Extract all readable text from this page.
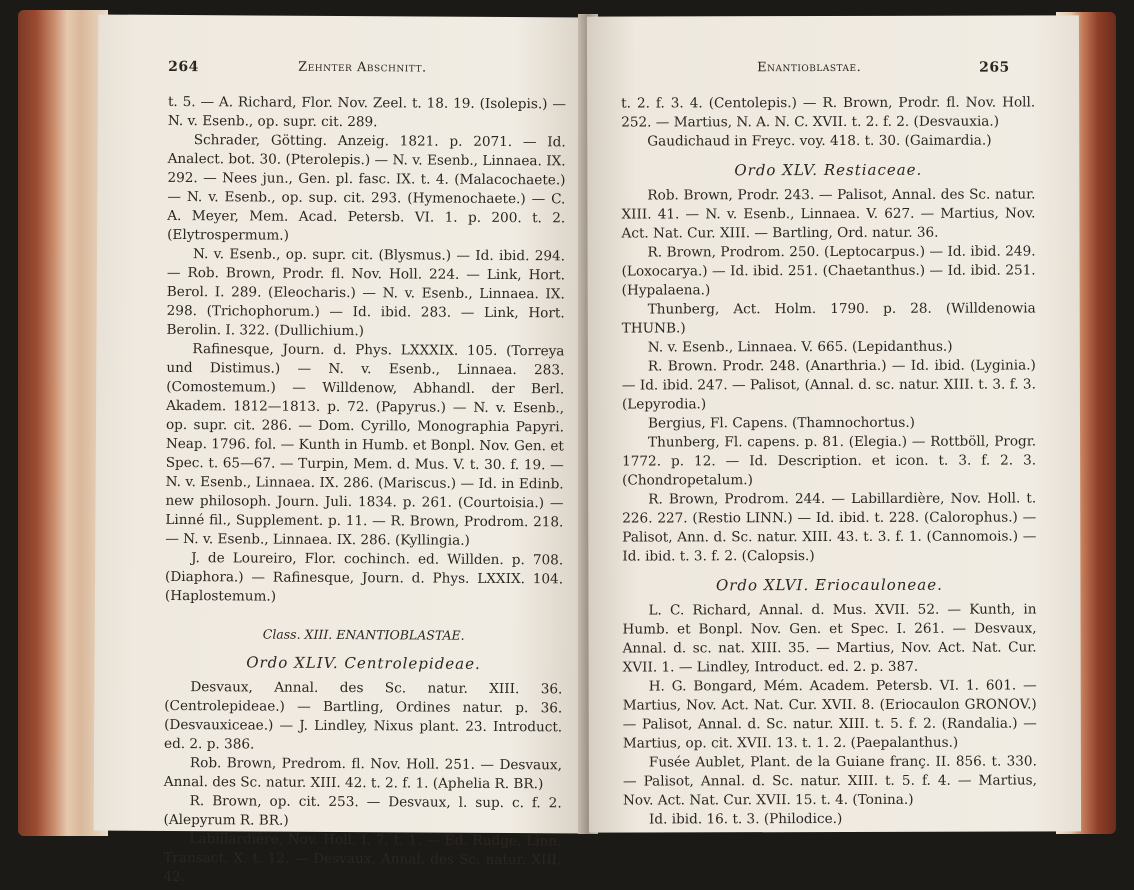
264	Zehnter Abschnitt.

t. 5. — A. Richard, Flor. Nov. Zeel. t. 18. 19. (Isolepis.) — N. v. Esenb., op. supr. cit. 289.

Schrader, Götting. Anzeig. 1821. p. 2071. — Id. Analect. bot. 30. (Pterolepis.) — N. v. Esenb., Linnaea. IX. 292. — Nees jun., Gen. pl. fasc. IX. t. 4. (Malacochaete.) — N. v. Esenb., op. sup. cit. 293. (Hymenochaete.) — C. A. Meyer, Mem. Acad. Petersb. VI. 1. p. 200. t. 2. (Elytrospermum.)

N. v. Esenb., op. supr. cit. (Blysmus.) — Id. ibid. 294. — Rob. Brown, Prodr. fl. Nov. Holl. 224. — Link, Hort. Berol. I. 289. (Eleocharis.) — N. v. Esenb., Linnaea. IX. 298. (Trichophorum.) — Id. ibid. 283. — Link, Hort. Berolin. I. 322. (Dullichium.)

Rafinesque, Journ. d. Phys. LXXXIX. 105. (Torreya und Distimus.) — N. v. Esenb., Linnaea. 283. (Comostemum.) — Willdenow, Abhandl. der Berl. Akadem. 1812—1813. p. 72. (Papyrus.) — N. v. Esenb., op. supr. cit. 286. — Dom. Cyrillo, Monographia Papyri. Neap. 1796. fol. — Kunth in Humb. et Bonpl. Nov. Gen. et Spec. t. 65—67. — Turpin, Mem. d. Mus. V. t. 30. f. 19. — N. v. Esenb., Linnaea. IX. 286. (Mariscus.) — Id. in Edinb. new philosoph. Journ. Juli. 1834. p. 261. (Courtoisia.) — Linné fil., Supplement. p. 11. — R. Brown, Prodrom. 218. — N. v. Esenb., Linnaea. IX. 286. (Kyllingia.)

J. de Loureiro, Flor. cochinch. ed. Willden. p. 708. (Diaphora.) — Rafinesque, Journ. d. Phys. LXXIX. 104. (Haplostemum.)

Class. XIII. ENANTIOBLASTAE.

Ordo XLIV. Centrolepideae.

Desvaux, Annal. des Sc. natur. XIII. 36. (Centrolepideae.) — Bartling, Ordines natur. p. 36. (Desvauxiceae.) — J. Lindley, Nixus plant. 23. Introduct. ed. 2. p. 386.

Rob. Brown, Predrom. fl. Nov. Holl. 251. — Desvaux, Annal. des Sc. natur. XIII. 42. t. 2. f. 1. (Aphelia R. BR.)

R. Brown, op. cit. 253. — Desvaux, l. sup. c. f. 2. (Alepyrum R. BR.)

Labillardière, Nov. Holl. I. 7. t. 1. — Ed. Rudge, Linn. Transact. X. t. 12. — Desvaux, Annal. des Sc. natur. XIII. 42.

Enantioblastae.	265

t. 2. f. 3. 4. (Centolepis.) — R. Brown, Prodr. fl. Nov. Holl. 252. — Martius, N. A. N. C. XVII. t. 2. f. 2. (Desvauxia.)

Gaudichaud in Freyc. voy. 418. t. 30. (Gaimardia.)

Ordo XLV. Restiaceae.

Rob. Brown, Prodr. 243. — Palisot, Annal. des Sc. natur. XIII. 41. — N. v. Esenb., Linnaea. V. 627. — Martius, Nov. Act. Nat. Cur. XIII. — Bartling, Ord. natur. 36.

R. Brown, Prodrom. 250. (Leptocarpus.) — Id. ibid. 249. (Loxocarya.) — Id. ibid. 251. (Chaetanthus.) — Id. ibid. 251. (Hypalaena.)

Thunberg, Act. Holm. 1790. p. 28. (Willdenowia THUNB.)

N. v. Esenb., Linnaea. V. 665. (Lepidanthus.)

R. Brown. Prodr. 248. (Anarthria.) — Id. ibid. (Lyginia.) — Id. ibid. 247. — Palisot, (Annal. d. sc. natur. XIII. t. 3. f. 3. (Lepyrodia.)

Bergius, Fl. Capens. (Thamnochortus.)

Thunberg, Fl. capens. p. 81. (Elegia.) — Rottböll, Progr. 1772. p. 12. — Id. Description. et icon. t. 3. f. 2. 3. (Chondropetalum.)

R. Brown, Prodrom. 244. — Labillardière, Nov. Holl. t. 226. 227. (Restio LINN.) — Id. ibid. t. 228. (Calorophus.) — Palisot, Ann. d. Sc. natur. XIII. 43. t. 3. f. 1. (Cannomois.) — Id. ibid. t. 3. f. 2. (Calopsis.)

Ordo XLVI. Eriocauloneae.

L. C. Richard, Annal. d. Mus. XVII. 52. — Kunth, in Humb. et Bonpl. Nov. Gen. et Spec. I. 261. — Desvaux, Annal. d. sc. nat. XIII. 35. — Martius, Nov. Act. Nat. Cur. XVII. 1. — Lindley, Introduct. ed. 2. p. 387.

H. G. Bongard, Mém. Academ. Petersb. VI. 1. 601. — Martius, Nov. Act. Nat. Cur. XVII. 8. (Eriocaulon GRONOV.) — Palisot, Annal. d. Sc. natur. XIII. t. 5. f. 2. (Randalia.) — Martius, op. cit. XVII. 13. t. 1. 2. (Paepalanthus.)

Fusée Aublet, Plant. de la Guiane franç. II. 856. t. 330. — Palisot, Annal. d. Sc. natur. XIII. t. 5. f. 4. — Martius, Nov. Act. Nat. Cur. XVII. 15. t. 4. (Tonina.)

Id. ibid. 16. t. 3. (Philodice.)
